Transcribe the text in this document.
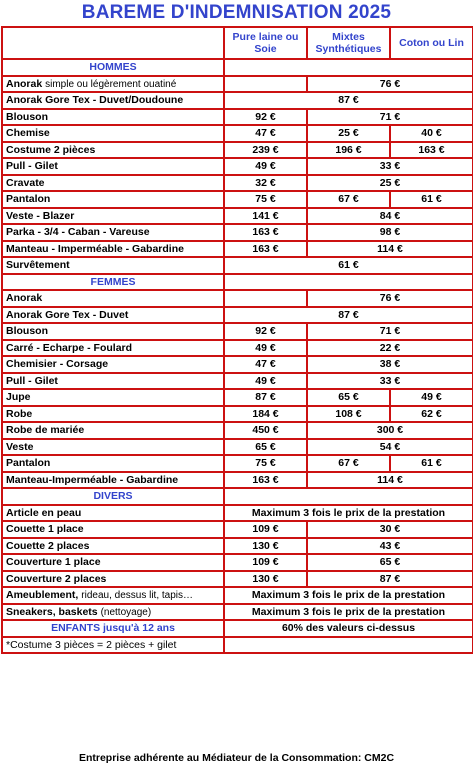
BAREME D'INDEMNISATION 2025
	Pure laine ou Soie	Mixtes Synthétiques	Coton ou Lin
HOMMES			
Anorak simple ou légèrement ouatiné		76 €	
Anorak Gore Tex - Duvet/Doudoune	87 €		
Blouson	92 €	71 €	
Chemise	47 €	25 €	40 €
Costume 2 pièces	239 €	196 €	163 €
Pull - Gilet	49 €	33 €	
Cravate	32 €	25 €	
Pantalon	75 €	67 €	61 €
Veste - Blazer	141 €	84 €	
Parka - 3/4 - Caban - Vareuse	163 €	98 €	
Manteau - Imperméable - Gabardine	163 €	114 €	
Survêtement	61 €		
FEMMES			
Anorak		76 €	
Anorak Gore Tex - Duvet	87 €		
Blouson	92 €	71 €	
Carré - Echarpe - Foulard	49 €	22 €	
Chemisier - Corsage	47 €	38 €	
Pull - Gilet	49 €	33 €	
Jupe	87 €	65 €	49 €
Robe	184 €	108 €	62 €
Robe de mariée	450 €	300 €	
Veste	65 €	54 €	
Pantalon	75 €	67 €	61 €
Manteau-Imperméable - Gabardine	163 €	114 €	
DIVERS			
Article en peau	Maximum 3 fois le prix de la prestation		
Couette 1 place	109 €	30 €	
Couette 2 places	130 €	43 €	
Couverture 1 place	109 €	65 €	
Couverture 2 places	130 €	87 €	
Ameublement, rideau, dessus lit, tapis…	Maximum 3 fois le prix de la prestation		
Sneakers, baskets (nettoyage)	Maximum 3 fois le prix de la prestation		
ENFANTS jusqu'à 12 ans	60% des valeurs ci-dessus		
*Costume 3 pièces = 2 pièces + gilet			
Entreprise adhérente au Médiateur de la Consommation: CM2C
